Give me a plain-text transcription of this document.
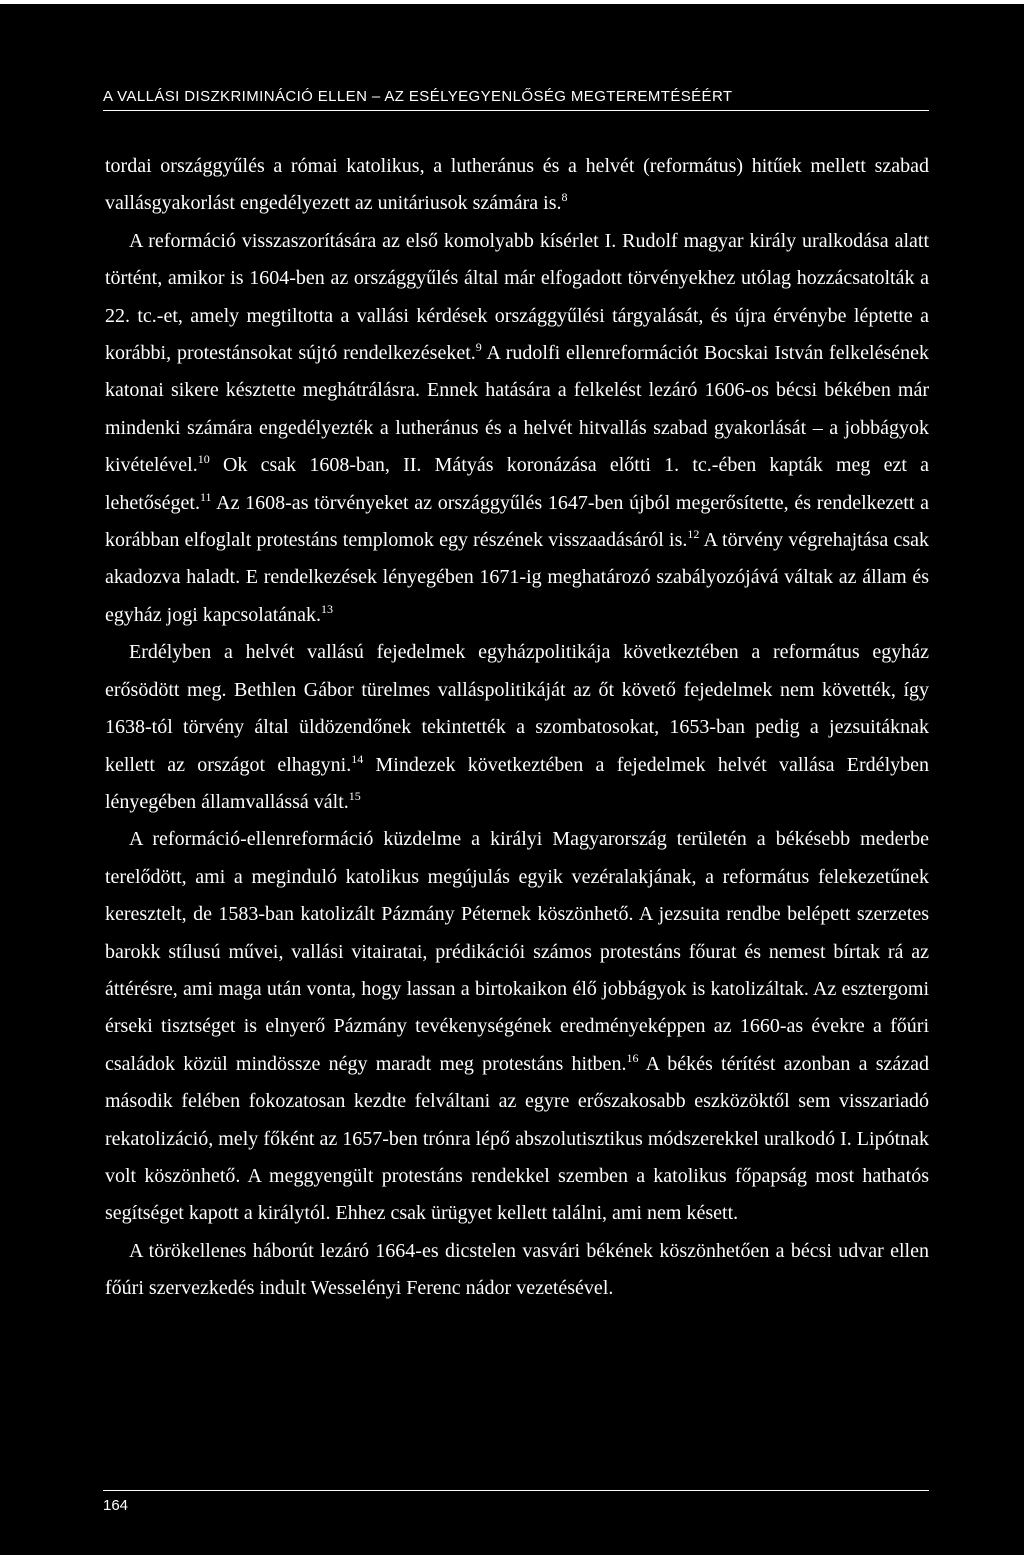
A VALLÁSI DISZKRIMINÁCIÓ ELLEN – AZ ESÉLYEGYENLŐSÉG MEGTEREMTÉSÉÉRT

tordai országgyűlés a római katolikus, a lutheránus és a helvét (református) hitűek mellett szabad vallásgyakorlást engedélyezett az unitáriusok számára is.$^8$

A reformáció visszaszorítására az első komolyabb kísérlet I. Rudolf magyar király uralkodása alatt történt, amikor is 1604-ben az országgyűlés által már elfogadott törvényekhez utólag hozzácsatolták a 22. tc.-et, amely megtiltotta a vallási kérdések országgyűlési tárgyalását, és újra érvénybe léptette a korábbi, protestánsokat sújtó rendelkezéseket.$^9$ A rudolfi ellenreformációt Bocskai István felkelésének katonai sikere késztette meghátrálásra. Ennek hatására a felkelést lezáró 1606-os bécsi békében már mindenki számára engedélyezték a lutheránus és a helvét hitvallás szabad gyakorlását – a jobbágyok kivételével.$^{10}$ Ok csak 1608-ban, II. Mátyás koronázása előtti 1. tc.-ében kapták meg ezt a lehetőséget.$^{11}$ Az 1608-as törvényeket az országgyűlés 1647-ben újból megerősítette, és rendelkezett a korábban elfoglalt protestáns templomok egy részének visszaadásáról is.$^{12}$ A törvény végrehajtása csak akadozva haladt. E rendelkezések lényegében 1671-ig meghatározó szabályozójává váltak az állam és egyház jogi kapcsolatának.$^{13}$

Erdélyben a helvét vallású fejedelmek egyházpolitikája következtében a református egyház erősödött meg. Bethlen Gábor türelmes valláspolitikáját az őt követő fejedelmek nem követték, így 1638-tól törvény által üldözendőnek tekintették a szombatosokat, 1653-ban pedig a jezsuitáknak kellett az országot elhagyni.$^{14}$ Mindezek következtében a fejedelmek helvét vallása Erdélyben lényegében államvallássá vált.$^{15}$

A reformáció-ellenreformáció küzdelme a királyi Magyarország területén a békésebb mederbe terelődött, ami a meginduló katolikus megújulás egyik vezéralakjának, a református felekezetűnek keresztelt, de 1583-ban katolizált Pázmány Péternek köszönhető. A jezsuita rendbe belépett szerzetes barokk stílusú művei, vallási vitairatai, prédikációi számos protestáns főurat és nemest bírtak rá az áttérésre, ami maga után vonta, hogy lassan a birtokaikon élő jobbágyok is katolizáltak. Az esztergomi érseki tisztséget is elnyerő Pázmány tevékenységének eredményeképpen az 1660-as évekre a főúri családok közül mindössze négy maradt meg protestáns hitben.$^{16}$ A békés térítést azonban a század második felében fokozatosan kezdte felváltani az egyre erőszakosabb eszközöktől sem visszariadó rekatolizáció, mely főként az 1657-ben trónra lépő abszolutisztikus módszerekkel uralkodó I. Lipótnak volt köszönhető. A meggyengült protestáns rendekkel szemben a katolikus főpapság most hathatós segítséget kapott a királytól. Ehhez csak ürügyet kellett találni, ami nem késett.

A törökellenes háborút lezáró 1664-es dicstelen vasvári békének köszönhetően a bécsi udvar ellen főúri szervezkedés indult Wesselényi Ferenc nádor vezetésével.

164
